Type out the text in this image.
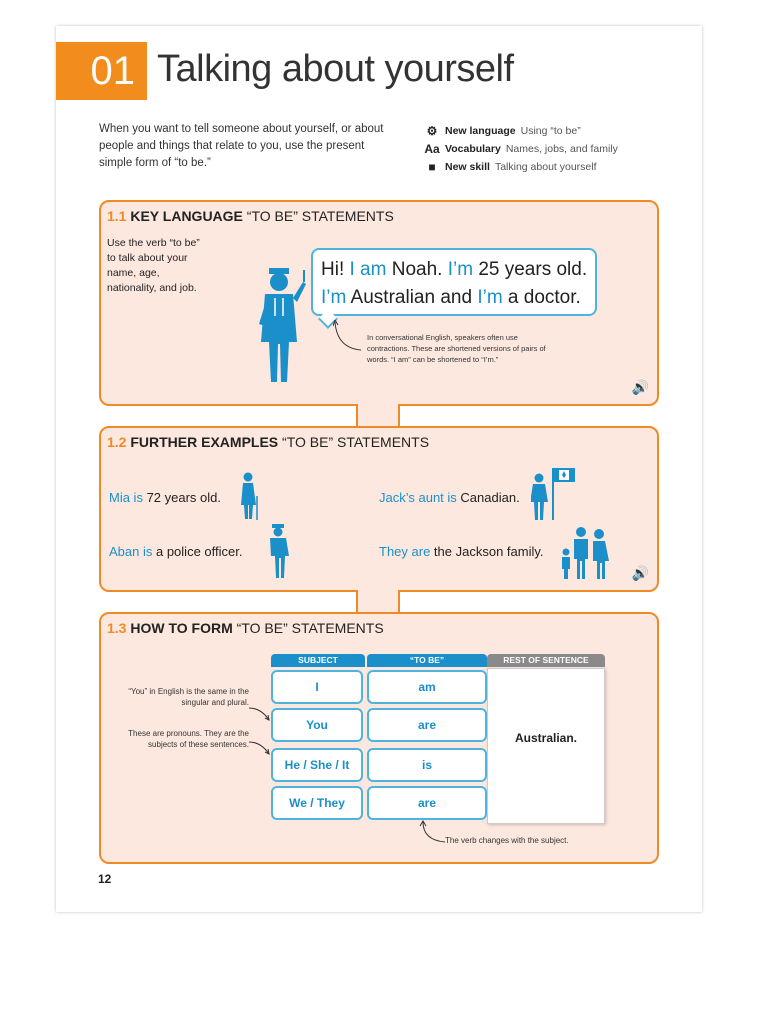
01 Talking about yourself
When you want to tell someone about yourself, or about people and things that relate to you, use the present simple form of “to be.”
⚙ New language Using “to be”
Aa Vocabulary Names, jobs, and family
■ New skill Talking about yourself
1.1 KEY LANGUAGE “TO BE” STATEMENTS
Use the verb “to be” to talk about your name, age, nationality, and job.
Hi! I am Noah. I’m 25 years old.
I’m Australian and I’m a doctor.
In conversational English, speakers often use contractions. These are shortened versions of pairs of words. “I am” can be shortened to “I’m.”
🔊
1.2 FURTHER EXAMPLES “TO BE” STATEMENTS
Mia is 72 years old.	Jack’s aunt is Canadian.
Aban is a police officer.	They are the Jackson family.
🔊
1.3 HOW TO FORM “TO BE” STATEMENTS
SUBJECT	“TO BE”	REST OF SENTENCE
Australian.
I	am
You	are
He / She / It	is
We / They	are
“You” in English is the same in the singular and plural.
These are pronouns. They are the subjects of these sentences.
The verb changes with the subject.
12
